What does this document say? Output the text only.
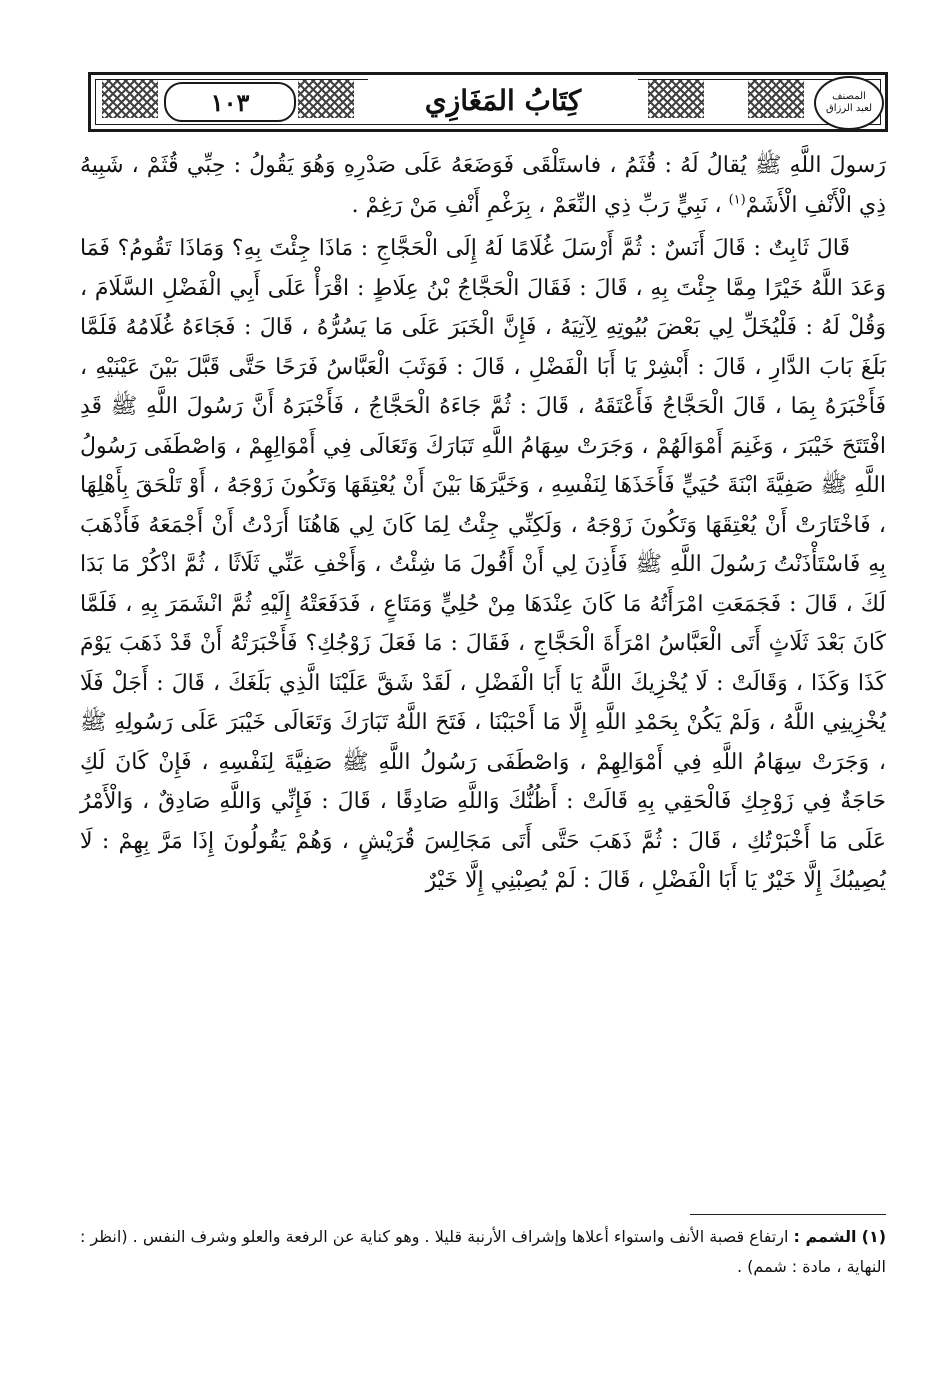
١٠٣	كِتَابُ المَغَازِي	المصنف
لعبد الرزاق

رَسولَ اللَّهِ ﷺ يُقالُ لَهُ : قُثَمُ ، فاستَلْقَى فَوَضَعَهُ عَلَى صَدْرِهِ وَهُوَ يَقُولُ : حِبِّي قُثَمْ ، شَبِيهُ ذِي الْأَنْفِ الْأَشَمْ$^{(١)}$ ، نَبِيٍّ رَبِّ ذِي النِّعَمْ ، بِرَغْمِ أَنْفِ مَنْ رَغِمْ .

قَالَ ثَابِتٌ : قَالَ أَنَسٌ : ثُمَّ أَرْسَلَ غُلَامًا لَهُ إِلَى الْحَجَّاجِ : مَاذَا جِئْتَ بِهِ؟ وَمَاذَا تَقُومُ؟ فَمَا وَعَدَ اللَّهُ خَيْرًا مِمَّا جِئْتَ بِهِ ، قَالَ : فَقَالَ الْحَجَّاجُ بْنُ عِلَاطٍ : اقْرَأْ عَلَى أَبِي الْفَضْلِ السَّلَامَ ، وَقُلْ لَهُ : فَلْيُخَلِّ لِي بَعْضَ بُيُوتِهِ لِآتِيَهُ ، فَإِنَّ الْخَبَرَ عَلَى مَا يَسُرُّهُ ، قَالَ : فَجَاءَهُ غُلَامُهُ فَلَمَّا بَلَغَ بَابَ الدَّارِ ، قَالَ : أَبْشِرْ يَا أَبَا الْفَضْلِ ، قَالَ : فَوَثَبَ الْعَبَّاسُ فَرَحًا حَتَّى قَبَّلَ بَيْنَ عَيْنَيْهِ ، فَأَخْبَرَهُ بِمَا ، قَالَ الْحَجَّاجُ فَأَعْتَقَهُ ، قَالَ : ثُمَّ جَاءَهُ الْحَجَّاجُ ، فَأَخْبَرَهُ أَنَّ رَسُولَ اللَّهِ ﷺ قَدِ افْتَتَحَ خَيْبَرَ ، وَغَنِمَ أَمْوَالَهُمْ ، وَجَرَتْ سِهَامُ اللَّهِ تَبَارَكَ وَتَعَالَى فِي أَمْوَالِهِمْ ، وَاصْطَفَى رَسُولُ اللَّهِ ﷺ صَفِيَّةَ ابْنَةَ حُيَيٍّ فَأَخَذَهَا لِنَفْسِهِ ، وَخَيَّرَهَا بَيْنَ أَنْ يُعْتِقَهَا وَتَكُونَ زَوْجَهُ ، أَوْ تَلْحَقَ بِأَهْلِهَا ، فَاخْتَارَتْ أَنْ يُعْتِقَهَا وَتَكُونَ زَوْجَهُ ، وَلَكِنِّي جِئْتُ لِمَا كَانَ لِي هَاهُنَا أَرَدْتُ أَنْ أَجْمَعَهُ فَأَذْهَبَ بِهِ فَاسْتَأْذَنْتُ رَسُولَ اللَّهِ ﷺ فَأَذِنَ لِي أَنْ أَقُولَ مَا شِئْتُ ، وَأَخْفِ عَنِّي ثَلَاثًا ، ثُمَّ اذْكُرْ مَا بَدَا لَكَ ، قَالَ : فَجَمَعَتِ امْرَأَتُهُ مَا كَانَ عِنْدَهَا مِنْ حُلِيٍّ وَمَتَاعٍ ، فَدَفَعَتْهُ إِلَيْهِ ثُمَّ انْشَمَرَ بِهِ ، فَلَمَّا كَانَ بَعْدَ ثَلَاثٍ أَتَى الْعَبَّاسُ امْرَأَةَ الْحَجَّاجِ ، فَقَالَ : مَا فَعَلَ زَوْجُكِ؟ فَأَخْبَرَتْهُ أَنْ قَدْ ذَهَبَ يَوْمَ كَذَا وَكَذَا ، وَقَالَتْ : لَا يُخْزِيكَ اللَّهُ يَا أَبَا الْفَضْلِ ، لَقَدْ شَقَّ عَلَيْنَا الَّذِي بَلَغَكَ ، قَالَ : أَجَلْ فَلَا يُخْزِينِي اللَّهُ ، وَلَمْ يَكُنْ بِحَمْدِ اللَّهِ إِلَّا مَا أَحْبَبْنَا ، فَتَحَ اللَّهُ تَبَارَكَ وَتَعَالَى خَيْبَرَ عَلَى رَسُولِهِ ﷺ ، وَجَرَتْ سِهَامُ اللَّهِ فِي أَمْوَالِهِمْ ، وَاصْطَفَى رَسُولُ اللَّهِ ﷺ صَفِيَّةَ لِنَفْسِهِ ، فَإِنْ كَانَ لَكِ حَاجَةٌ فِي زَوْجِكِ فَالْحَقِي بِهِ قَالَتْ : أَظُنُّكَ وَاللَّهِ صَادِقًا ، قَالَ : فَإِنِّي وَاللَّهِ صَادِقٌ ، وَالْأَمْرُ عَلَى مَا أَخْبَرْتُكِ ، قَالَ : ثُمَّ ذَهَبَ حَتَّى أَتَى مَجَالِسَ قُرَيْشٍ ، وَهُمْ يَقُولُونَ إِذَا مَرَّ بِهِمْ : لَا يُصِيبُكَ إِلَّا خَيْرٌ يَا أَبَا الْفَضْلِ ، قَالَ : لَمْ يُصِبْنِي إِلَّا خَيْرٌ

(١) الشمم : ارتفاع قصبة الأنف واستواء أعلاها وإشراف الأرنبة قليلا . وهو كناية عن الرفعة والعلو وشرف النفس . (انظر : النهاية ، مادة : شمم) .
